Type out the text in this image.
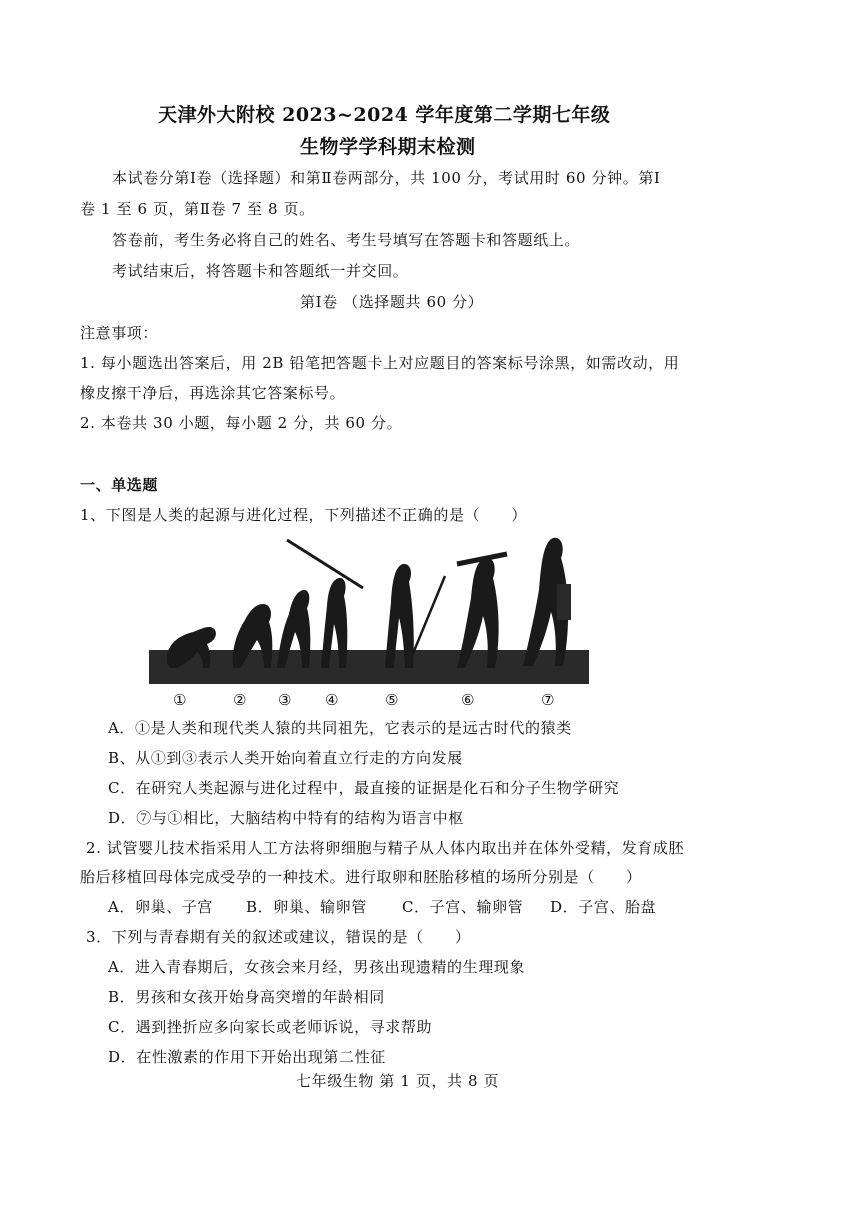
天津外大附校 2023~2024 学年度第二学期七年级
生物学学科期末检测
本试卷分第Ⅰ卷（选择题）和第Ⅱ卷两部分，共 100 分，考试用时 60 分钟。第Ⅰ
卷 1 至 6 页，第Ⅱ卷 7 至 8 页。
答卷前，考生务必将自己的姓名、考生号填写在答题卡和答题纸上。
考试结束后，将答题卡和答题纸一并交回。
第Ⅰ卷 （选择题共 60 分）
注意事项：
1. 每小题选出答案后，用 2B 铅笔把答题卡上对应题目的答案标号涂黑，如需改动，用
橡皮擦干净后，再选涂其它答案标号。
2. 本卷共 30 小题，每小题 2 分，共 60 分。
一、单选题
1、下图是人类的起源与进化过程，下列描述不正确的是（　　）
①	② ③ ④	⑤	⑥	⑦
A．①是人类和现代类人猿的共同祖先，它表示的是远古时代的猿类
B、从①到③表示人类开始向着直立行走的方向发展
C．在研究人类起源与进化过程中，最直接的证据是化石和分子生物学研究
D．⑦与①相比，大脑结构中特有的结构为语言中枢
2. 试管婴儿技术指采用人工方法将卵细胞与精子从人体内取出并在体外受精，发育成胚
胎后移植回母体完成受孕的一种技术。进行取卵和胚胎移植的场所分别是（　　）
A．卵巢、子宫 B．卵巢、输卵管 C．子宫、输卵管 D．子宫、胎盘
3．下列与青春期有关的叙述或建议，错误的是（　　）
A．进入青春期后，女孩会来月经，男孩出现遗精的生理现象
B．男孩和女孩开始身高突增的年龄相同
C．遇到挫折应多向家长或老师诉说，寻求帮助
D．在性激素的作用下开始出现第二性征
七年级生物 第 1 页，共 8 页
